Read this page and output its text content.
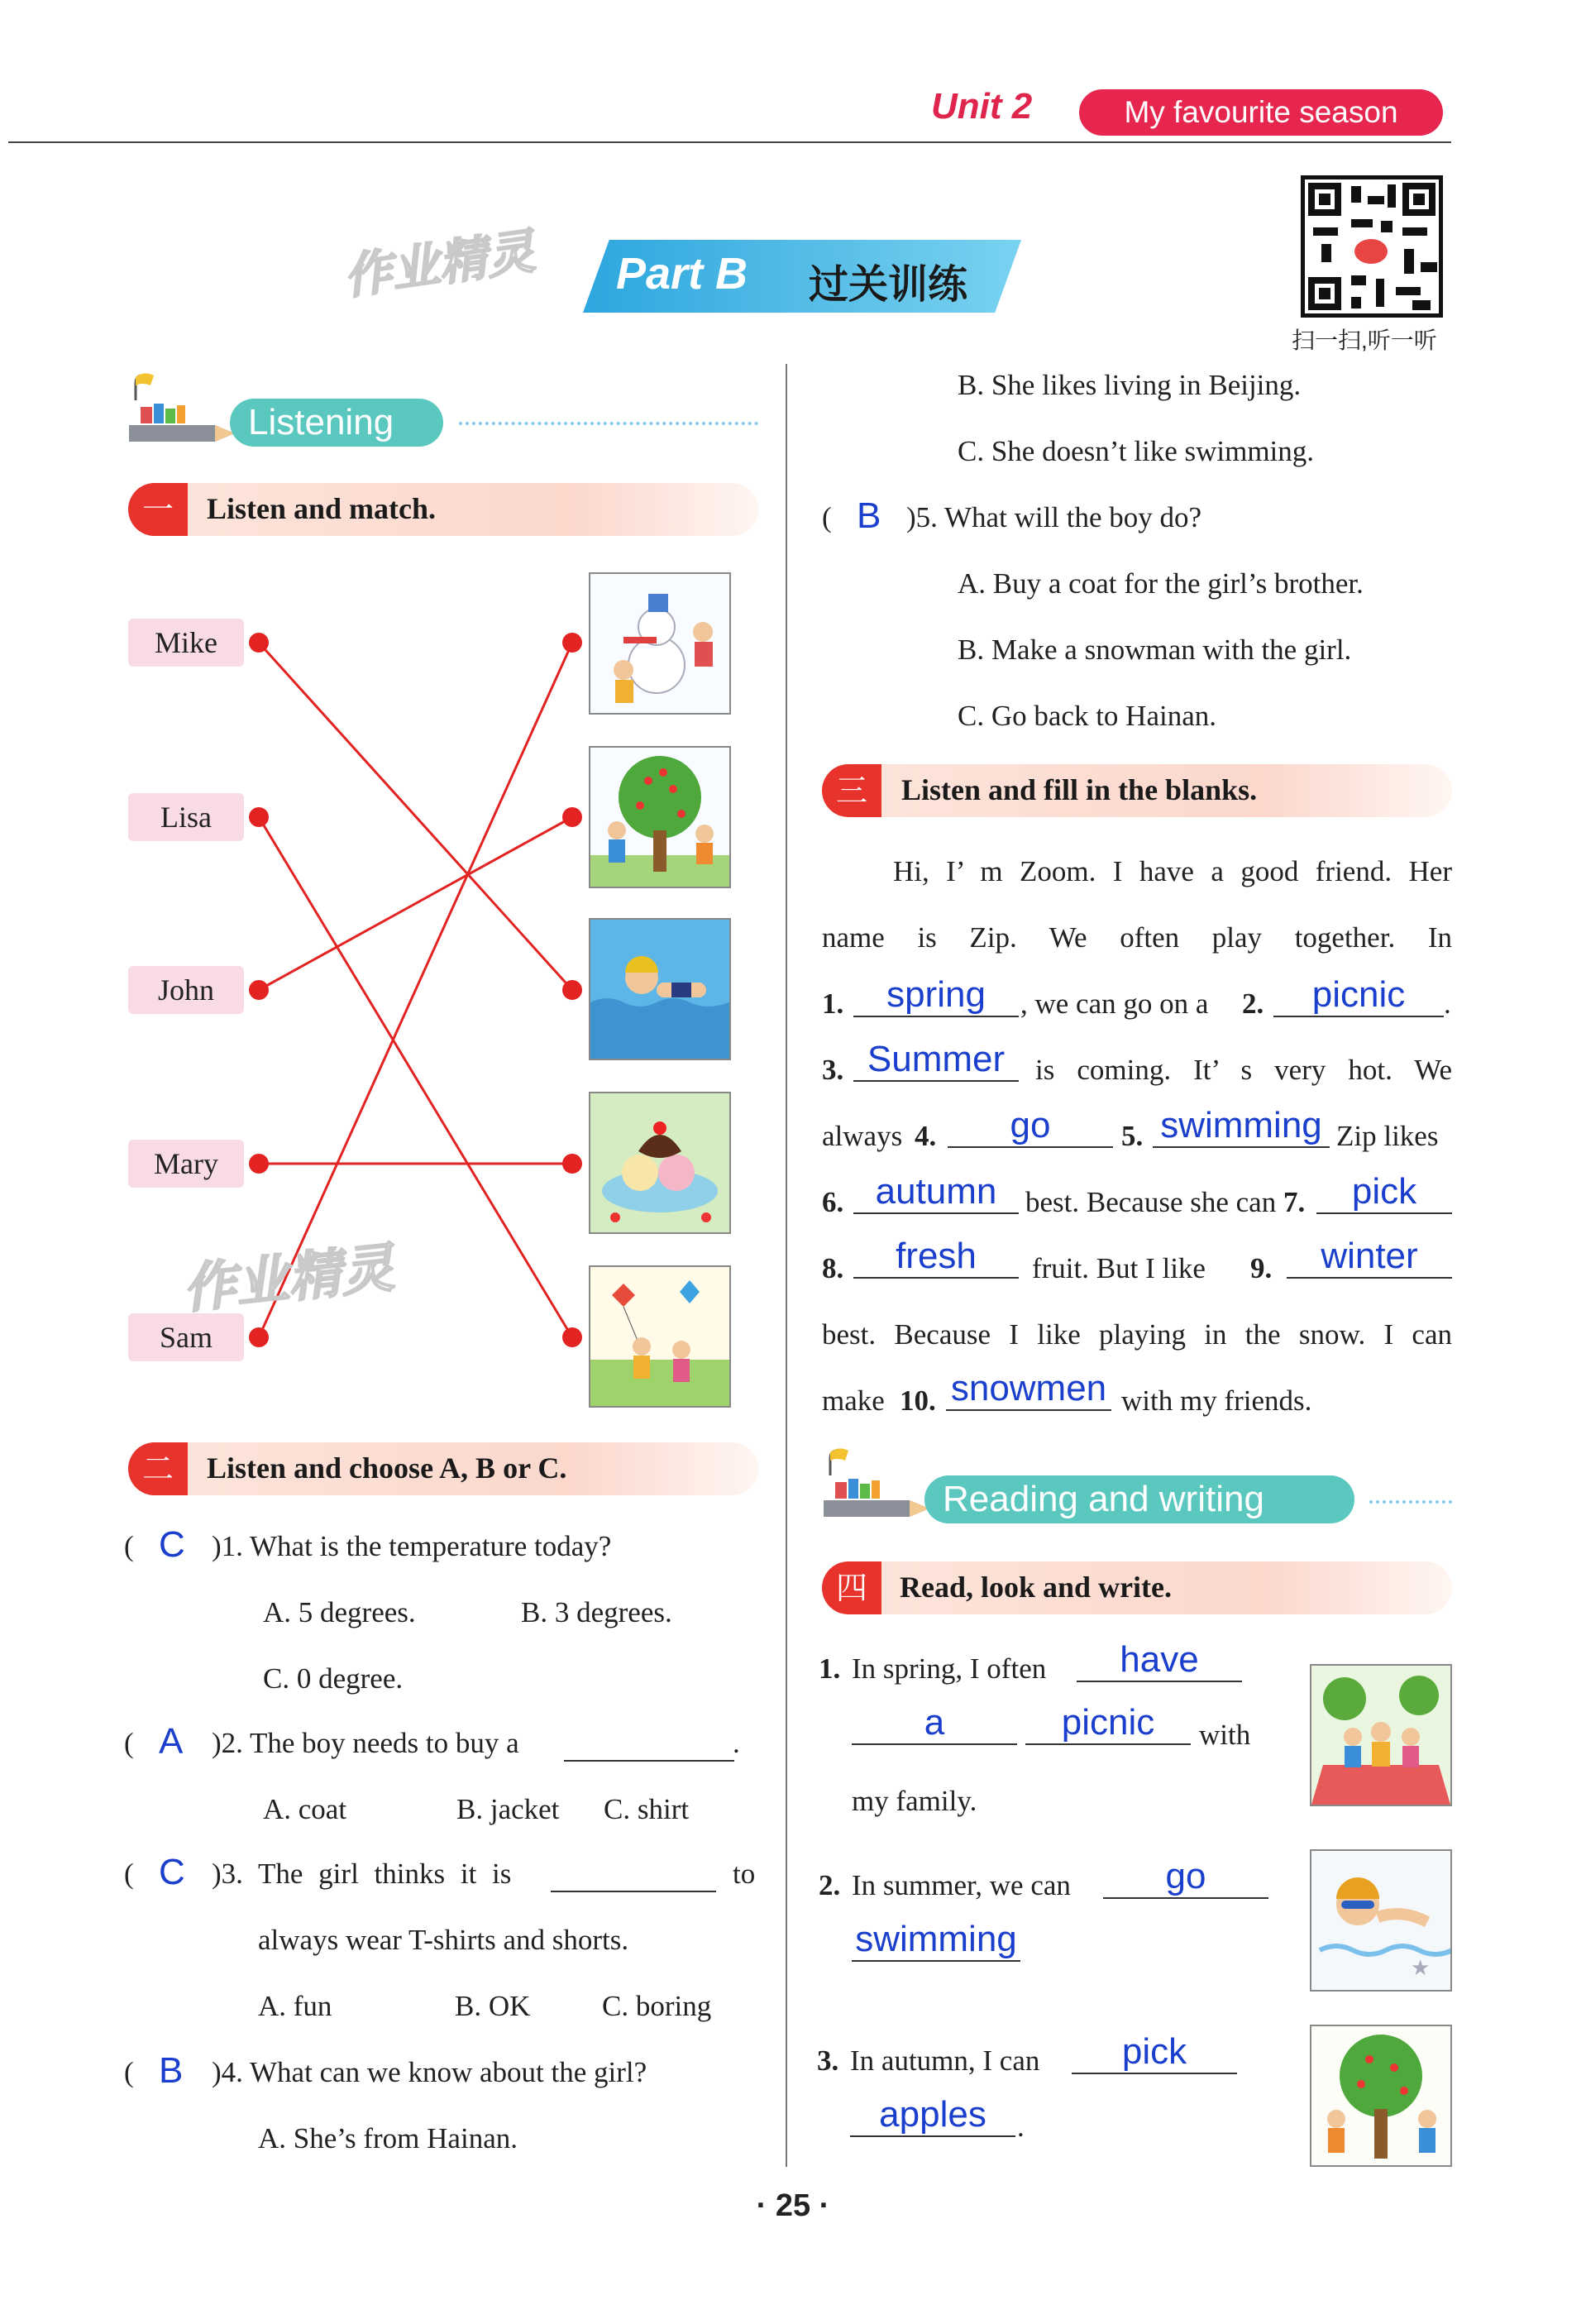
Unit 2	My favourite season
作业精灵 Part B 过关训练
扫一扫,听一听
Listening
一	Listen and match.
Mike
Lisa
John
Mary
Sam
二	Listen and choose A, B or C.
( C )1. What is the temperature today?
A. 5 degrees.	B. 3 degrees.
C. 0 degree.
( A )2. The boy needs to buy a	.
A. coat	B. jacket C. shirt
( C )3. The girl thinks it is	to
always wear T-shirts and shorts.
A. fun	B. OK C. boring
( B )4. What can we know about the girl?
A. She’s from Hainan.
B. She likes living in Beijing.
C. She doesn’t like swimming.
( B )5. What will the boy do?
A. Buy a coat for the girl’s brother.
B. Make a snowman with the girl.
C. Go back to Hainan.
三	Listen and fill in the blanks.
Hi, I’ m Zoom. I have a good friend. Her
name is Zip. We often play together. In
1.	spring	, we can go on a 2.	picnic	.
3. Summer	is coming. It’ s very hot. We
always 4.	go	5. swimming Zip likes
6. autumn best. Because she can 7.	pick
8.	fresh	fruit. But I like 9.	winter
best. Because I like playing in the snow. I can
make 10. snowmen with my friends.
Reading and writing
四	Read, look and write.
1. In spring, I often	have
a	picnic	with
my family.
2. In summer, we can	go
swimming
★
3. In autumn, I can	pick
apples	.
作业精灵
· 25 ·
